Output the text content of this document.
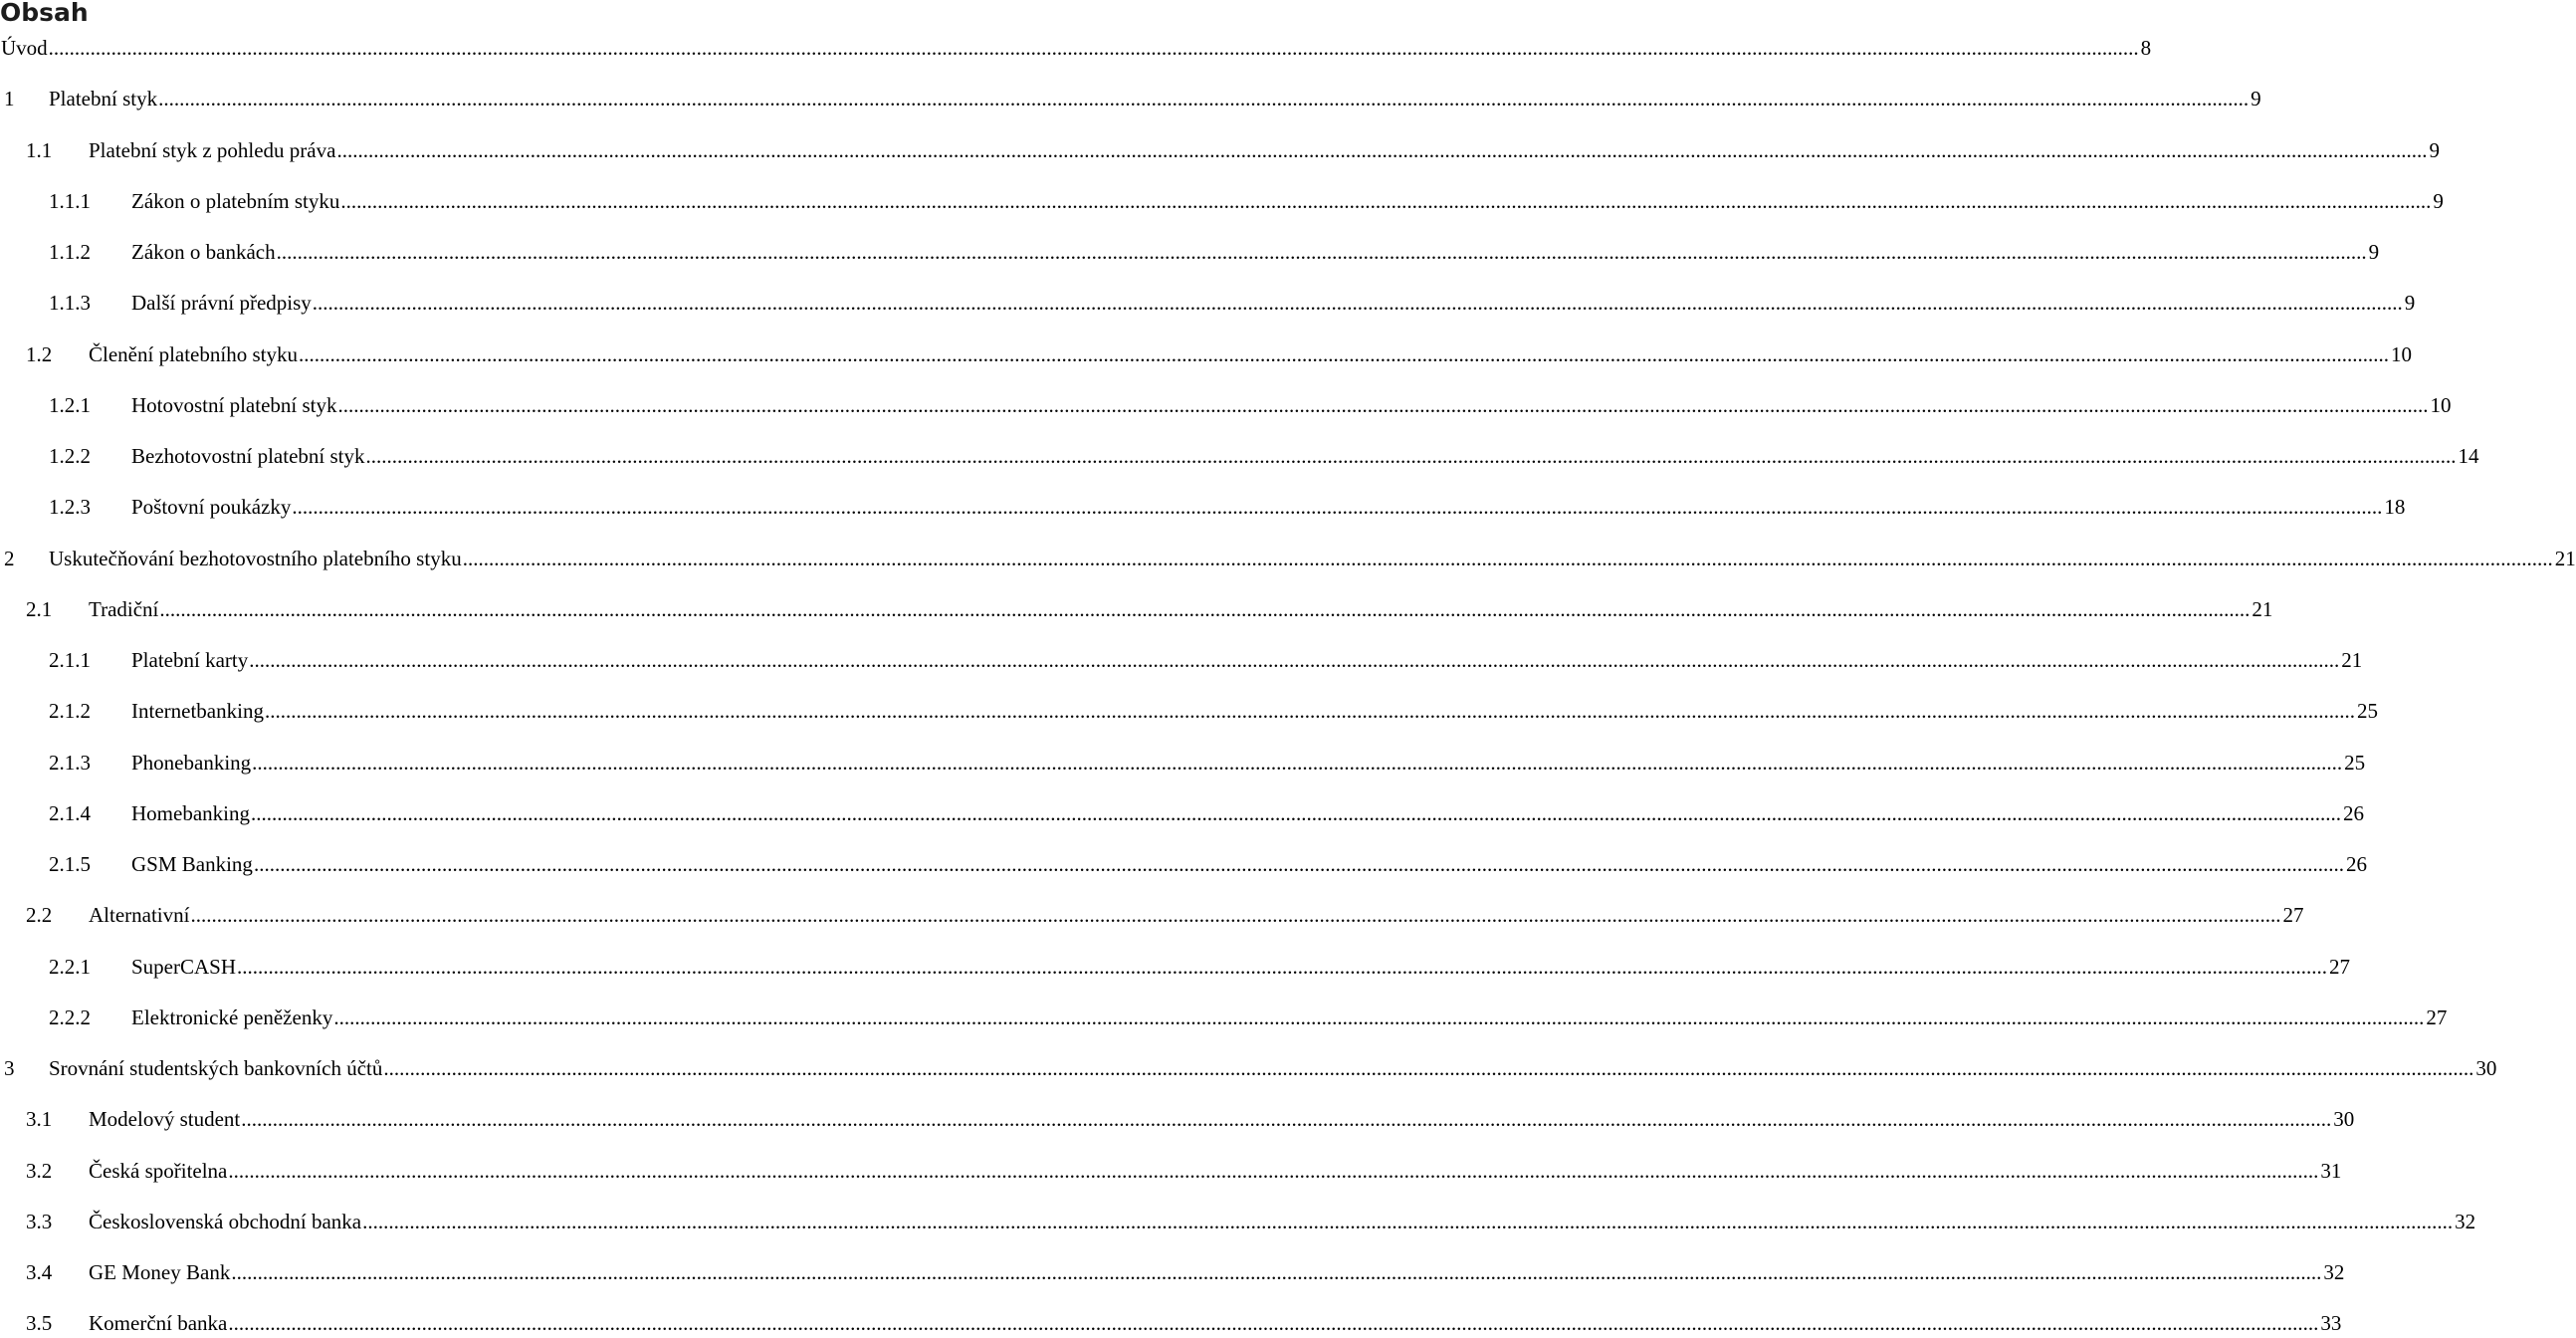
Obsah
Úvod ................................................................................................................................................................................................................................................................................................................................................................................................................ 8
1 Platební styk ................................................................................................................................................................................................................................................................................................................................................................................................................ 9
1.1 Platební styk z pohledu práva ................................................................................................................................................................................................................................................................................................................................................................................................................ 9
1.1.1 Zákon o platebním styku ................................................................................................................................................................................................................................................................................................................................................................................................................ 9
1.1.2 Zákon o bankách ................................................................................................................................................................................................................................................................................................................................................................................................................ 9
1.1.3 Další právní předpisy ................................................................................................................................................................................................................................................................................................................................................................................................................ 9
1.2 Členění platebního styku ................................................................................................................................................................................................................................................................................................................................................................................................................ 10
1.2.1 Hotovostní platební styk ................................................................................................................................................................................................................................................................................................................................................................................................................ 10
1.2.2 Bezhotovostní platební styk ................................................................................................................................................................................................................................................................................................................................................................................................................ 14
1.2.3 Poštovní poukázky ................................................................................................................................................................................................................................................................................................................................................................................................................ 18
2 Uskutečňování bezhotovostního platebního styku ................................................................................................................................................................................................................................................................................................................................................................................................................ 21
2.1 Tradiční ................................................................................................................................................................................................................................................................................................................................................................................................................ 21
2.1.1 Platební karty ................................................................................................................................................................................................................................................................................................................................................................................................................ 21
2.1.2 Internetbanking ................................................................................................................................................................................................................................................................................................................................................................................................................ 25
2.1.3 Phonebanking ................................................................................................................................................................................................................................................................................................................................................................................................................ 25
2.1.4 Homebanking ................................................................................................................................................................................................................................................................................................................................................................................................................ 26
2.1.5 GSM Banking ................................................................................................................................................................................................................................................................................................................................................................................................................ 26
2.2 Alternativní ................................................................................................................................................................................................................................................................................................................................................................................................................ 27
2.2.1 SuperCASH ................................................................................................................................................................................................................................................................................................................................................................................................................ 27
2.2.2 Elektronické peněženky ................................................................................................................................................................................................................................................................................................................................................................................................................ 27
3 Srovnání studentských bankovních účtů ................................................................................................................................................................................................................................................................................................................................................................................................................ 30
3.1 Modelový student ................................................................................................................................................................................................................................................................................................................................................................................................................ 30
3.2 Česká spořitelna ................................................................................................................................................................................................................................................................................................................................................................................................................ 31
3.3 Československá obchodní banka ................................................................................................................................................................................................................................................................................................................................................................................................................ 32
3.4 GE Money Bank ................................................................................................................................................................................................................................................................................................................................................................................................................ 32
3.5 Komerční banka ................................................................................................................................................................................................................................................................................................................................................................................................................ 33
